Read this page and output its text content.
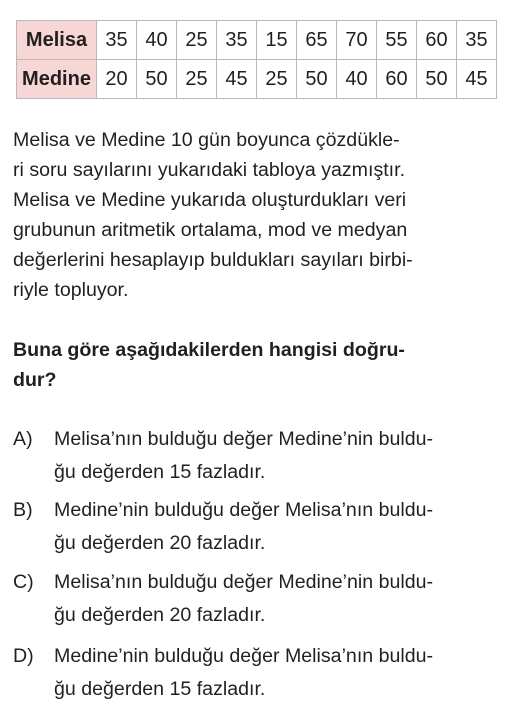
Melisa	35	40	25	35	15	65	70	55	60	35
Medine	20	50	25	45	25	50	40	60	50	45
Melisa ve Medine 10 gün boyunca çözdükle-
ri soru sayılarını yukarıdaki tabloya yazmıştır.
Melisa ve Medine yukarıda oluşturdukları veri
grubunun aritmetik ortalama, mod ve medyan
değerlerini hesaplayıp buldukları sayıları birbi-
riyle topluyor.
Buna göre aşağıdakilerden hangisi doğru-
dur?
A)	Melisa’nın bulduğu değer Medine’nin buldu-
ğu değerden 15 fazladır.
B)	Medine’nin bulduğu değer Melisa’nın buldu-
ğu değerden 20 fazladır.
C)	Melisa’nın bulduğu değer Medine’nin buldu-
ğu değerden 20 fazladır.
D)	Medine’nin bulduğu değer Melisa’nın buldu-
ğu değerden 15 fazladır.
